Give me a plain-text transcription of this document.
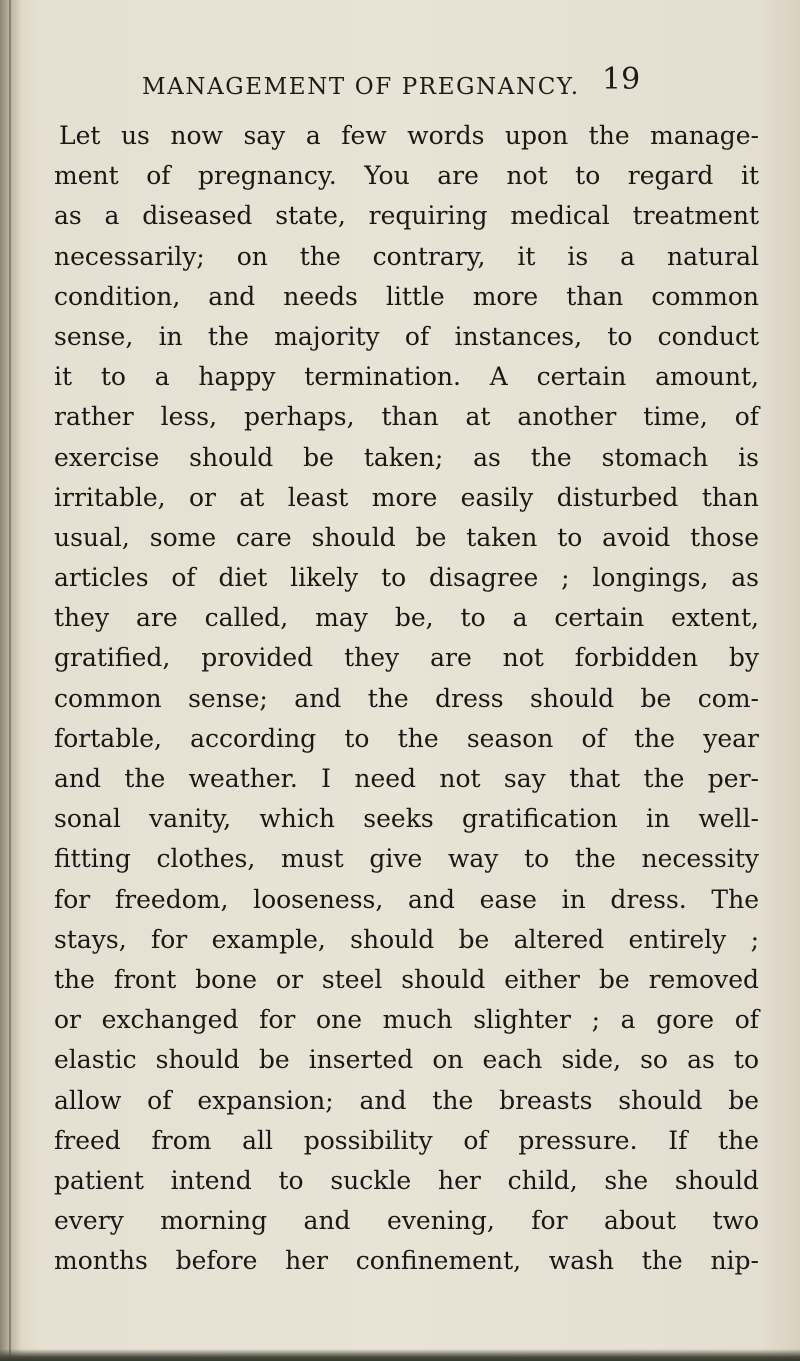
MANAGEMENT OF PREGNANCY. 19
Let us now say a few words upon the manage-
ment of pregnancy. You are not to regard it
as a diseased state, requiring medical treatment
necessarily; on the contrary, it is a natural
condition, and needs little more than common
sense, in the majority of instances, to conduct
it to a happy termination. A certain amount,
rather less, perhaps, than at another time, of
exercise should be taken; as the stomach is
irritable, or at least more easily disturbed than
usual, some care should be taken to avoid those
articles of diet likely to disagree ; longings, as
they are called, may be, to a certain extent,
gratified, provided they are not forbidden by
common sense; and the dress should be com-
fortable, according to the season of the year
and the weather. I need not say that the per-
sonal vanity, which seeks gratification in well-
fitting clothes, must give way to the necessity
for freedom, looseness, and ease in dress. The
stays, for example, should be altered entirely ;
the front bone or steel should either be removed
or exchanged for one much slighter ; a gore of
elastic should be inserted on each side, so as to
allow of expansion; and the breasts should be
freed from all possibility of pressure. If the
patient intend to suckle her child, she should
every morning and evening, for about two
months before her confinement, wash the nip-
